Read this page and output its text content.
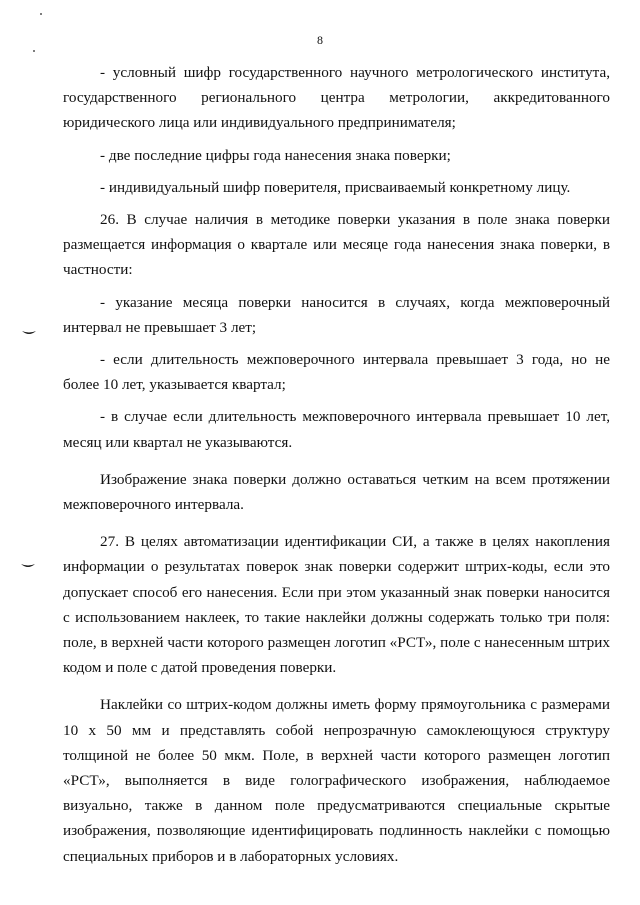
8

- условный шифр государственного научного метрологического института, государственного регионального центра метрологии, аккредитованного юридического лица или индивидуального предпринимателя;

- две последние цифры года нанесения знака поверки;

- индивидуальный шифр поверителя, присваиваемый конкретному лицу.

26. В случае наличия в методике поверки указания в поле знака поверки размещается информация о квартале или месяце года нанесения знака поверки, в частности:

- указание месяца поверки наносится в случаях, когда межповерочный интервал не превышает 3 лет;

- если длительность межповерочного интервала превышает 3 года, но не более 10 лет, указывается квартал;

- в случае если длительность межповерочного интервала превышает 10 лет, месяц или квартал не указываются.

Изображение знака поверки должно оставаться четким на всем протяжении межповерочного интервала.

27. В целях автоматизации идентификации СИ, а также в целях накопления информации о результатах поверок знак поверки содержит штрих-коды, если это допускает способ его нанесения. Если при этом указанный знак поверки наносится с использованием наклеек, то такие наклейки должны содержать только три поля: поле, в верхней части которого размещен логотип «РСТ», поле с нанесенным штрих кодом и поле с датой проведения поверки.

Наклейки со штрих-кодом должны иметь форму прямоугольника с размерами 10 х 50 мм и представлять собой непрозрачную самоклеющуюся структуру толщиной не более 50 мкм. Поле, в верхней части которого размещен логотип «РСТ», выполняется в виде голографического изображения, наблюдаемое визуально, также в данном поле предусматриваются специальные скрытые изображения, позволяющие идентифицировать подлинность наклейки с помощью специальных приборов и в лабораторных условиях.
